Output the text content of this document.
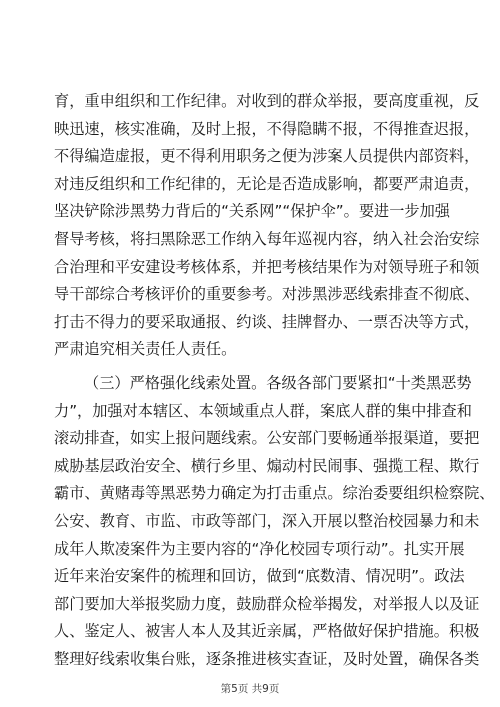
育，重申组织和工作纪律。对收到的群众举报，要高度重视，反
映迅速，核实准确，及时上报，不得隐瞒不报，不得推查迟报，
不得编造虚报，更不得利用职务之便为涉案人员提供内部资料，
对违反组织和工作纪律的，无论是否造成影响，都要严肃追责，
坚决铲除涉黑势力背后的“关系网”“保护伞”。要进一步加强
督导考核，将扫黑除恶工作纳入每年巡视内容，纳入社会治安综
合治理和平安建设考核体系，并把考核结果作为对领导班子和领
导干部综合考核评价的重要参考。对涉黑涉恶线索排查不彻底、
打击不得力的要采取通报、约谈、挂牌督办、一票否决等方式，
严肃追究相关责任人责任。
（三）严格强化线索处置。各级各部门要紧扣“十类黑恶势
力”，加强对本辖区、本领域重点人群，案底人群的集中排查和
滚动排查，如实上报问题线索。公安部门要畅通举报渠道，要把
威胁基层政治安全、横行乡里、煽动村民闹事、强揽工程、欺行
霸市、黄赌毒等黑恶势力确定为打击重点。综治委要组织检察院、
公安、教育、市监、市政等部门，深入开展以整治校园暴力和未
成年人欺凌案件为主要内容的“净化校园专项行动”。扎实开展
近年来治安案件的梳理和回访，做到“底数清、情况明”。政法
部门要加大举报奖励力度，鼓励群众检举揭发，对举报人以及证
人、鉴定人、被害人本人及其近亲属，严格做好保护措施。积极
整理好线索收集台账，逐条推进核实查证，及时处置，确保各类
第5页 共9页
